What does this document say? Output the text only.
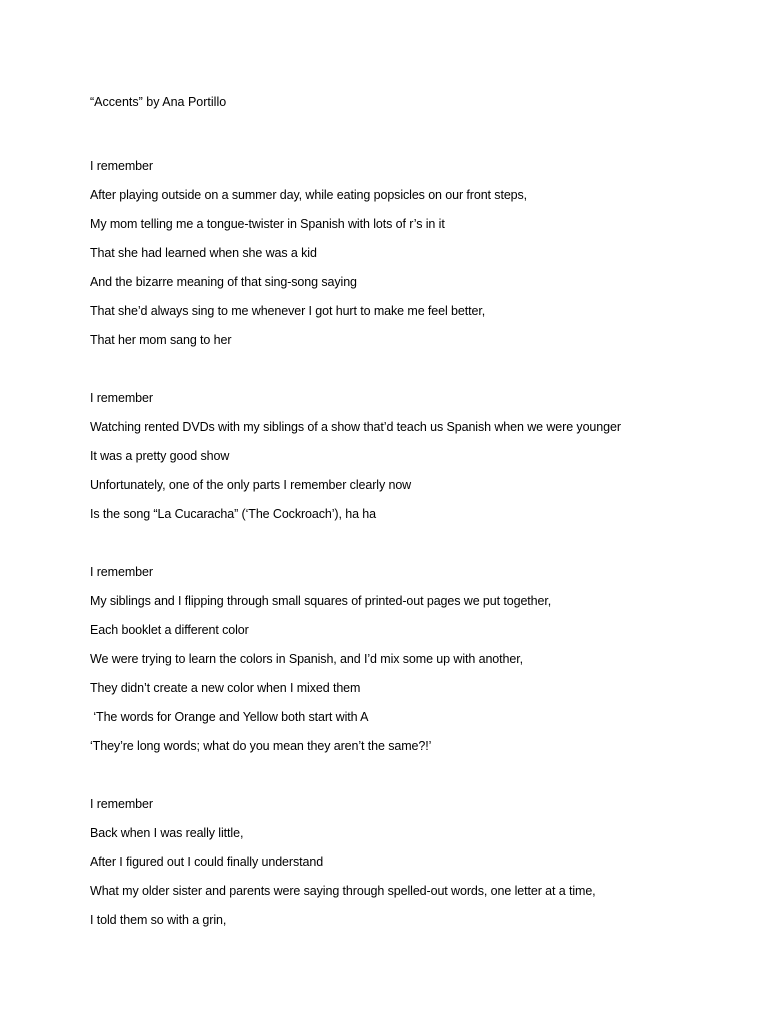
“Accents” by Ana Portillo
I remember
After playing outside on a summer day, while eating popsicles on our front steps,
My mom telling me a tongue-twister in Spanish with lots of r’s in it
That she had learned when she was a kid
And the bizarre meaning of that sing-song saying
That she’d always sing to me whenever I got hurt to make me feel better,
That her mom sang to her
I remember
Watching rented DVDs with my siblings of a show that’d teach us Spanish when we were younger
It was a pretty good show
Unfortunately, one of the only parts I remember clearly now
Is the song “La Cucaracha” (‘The Cockroach’), ha ha
I remember
My siblings and I flipping through small squares of printed-out pages we put together,
Each booklet a different color
We were trying to learn the colors in Spanish, and I’d mix some up with another,
They didn’t create a new color when I mixed them
‘The words for Orange and Yellow both start with A
‘They’re long words; what do you mean they aren’t the same?!’
I remember
Back when I was really little,
After I figured out I could finally understand
What my older sister and parents were saying through spelled-out words, one letter at a time,
I told them so with a grin,
